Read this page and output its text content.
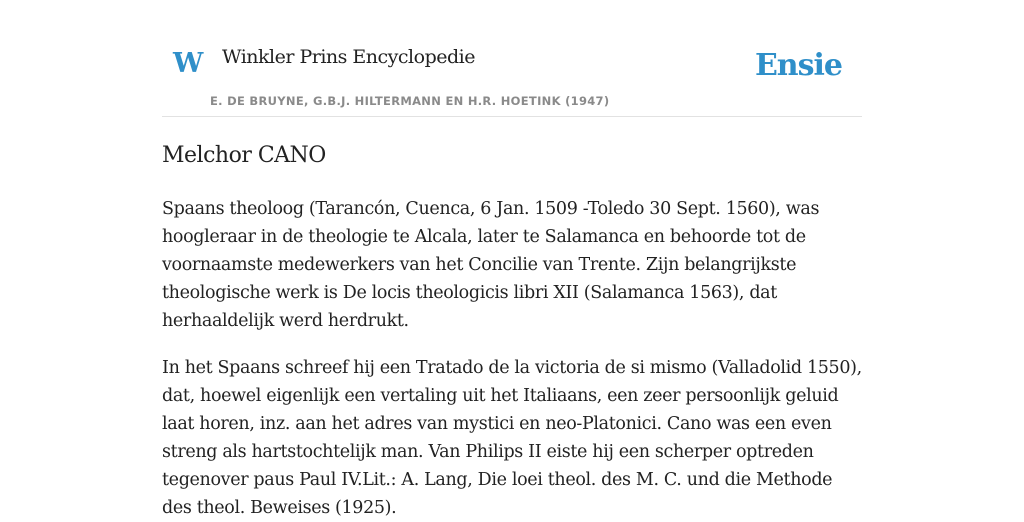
W Winkler Prins Encyclopedie
E. DE BRUYNE, G.B.J. HILTERMANN EN H.R. HOETINK (1947)
Ensie
Melchor CANO

Spaans theoloog (Tarancón, Cuenca, 6 Jan. 1509 -Toledo 30 Sept. 1560), was hoogleraar in de theologie te Alcala, later te Salamanca en behoorde tot de voornaamste medewerkers van het Concilie van Trente. Zijn belangrijkste theologische werk is De locis theologicis libri XII (Salamanca 1563), dat herhaaldelijk werd herdrukt.

In het Spaans schreef hij een Tratado de la victoria de si mismo (Valladolid 1550), dat, hoewel eigenlijk een vertaling uit het Italiaans, een zeer persoonlijk geluid laat horen, inz. aan het adres van mystici en neo-Platonici. Cano was een even streng als hartstochtelijk man. Van Philips II eiste hij een scherper optreden tegenover paus Paul IV.Lit.: A. Lang, Die loei theol. des M. C. und die Methode des theol. Beweises (1925).
